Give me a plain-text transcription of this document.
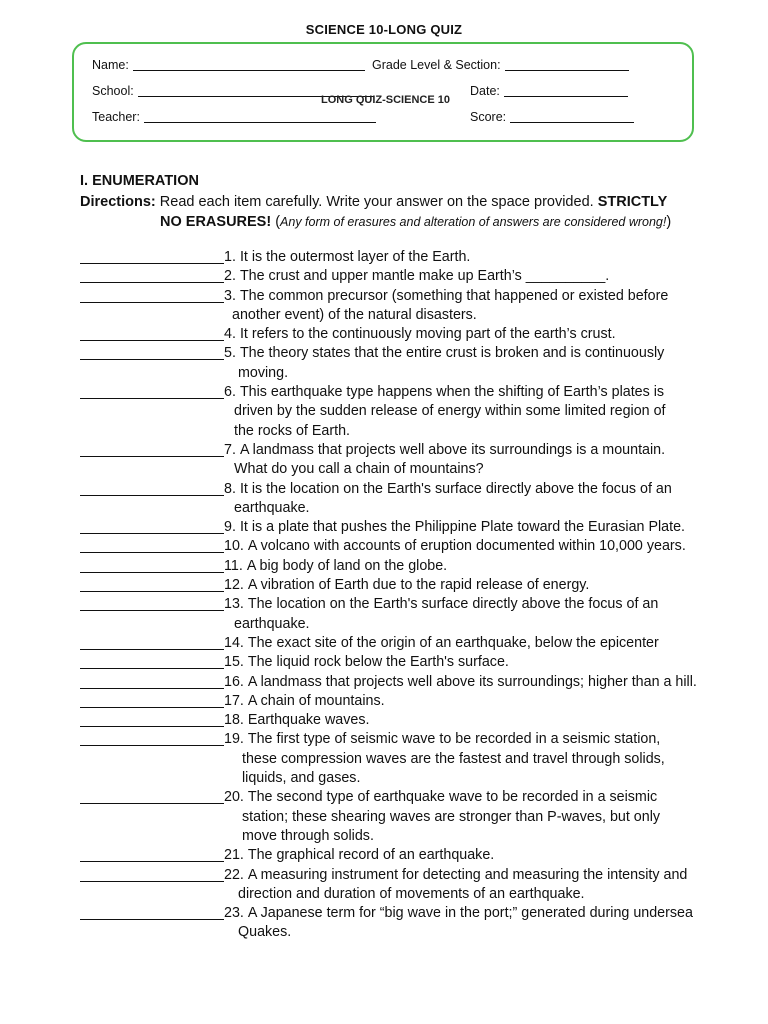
SCIENCE 10-LONG QUIZ
Name:	Grade Level & Section:
School:	Date:
Teacher:	Score:
LONG QUIZ-SCIENCE 10
I. ENUMERATION
Directions: Read each item carefully. Write your answer on the space provided. STRICTLY
NO ERASURES! (Any form of erasures and alteration of answers are considered wrong!)
1. It is the outermost layer of the Earth.
2. The crust and upper mantle make up Earth’s __________.
3. The common precursor (something that happened or existed before
another event) of the natural disasters.
4. It refers to the continuously moving part of the earth’s crust.
5. The theory states that the entire crust is broken and is continuously
moving.
6. This earthquake type happens when the shifting of Earth’s plates is
driven by the sudden release of energy within some limited region of
the rocks of Earth.
7. A landmass that projects well above its surroundings is a mountain.
What do you call a chain of mountains?
8. It is the location on the Earth's surface directly above the focus of an
earthquake.
9. It is a plate that pushes the Philippine Plate toward the Eurasian Plate.
10. A volcano with accounts of eruption documented within 10,000 years.
11. A big body of land on the globe.
12. A vibration of Earth due to the rapid release of energy.
13. The location on the Earth's surface directly above the focus of an
earthquake.
14. The exact site of the origin of an earthquake, below the epicenter
15. The liquid rock below the Earth's surface.
16. A landmass that projects well above its surroundings; higher than a hill.
17. A chain of mountains.
18. Earthquake waves.
19. The first type of seismic wave to be recorded in a seismic station,
these compression waves are the fastest and travel through solids,
liquids, and gases.
20. The second type of earthquake wave to be recorded in a seismic
station; these shearing waves are stronger than P-waves, but only
move through solids.
21. The graphical record of an earthquake.
22. A measuring instrument for detecting and measuring the intensity and
direction and duration of movements of an earthquake.
23. A Japanese term for “big wave in the port;” generated during undersea
Quakes.
